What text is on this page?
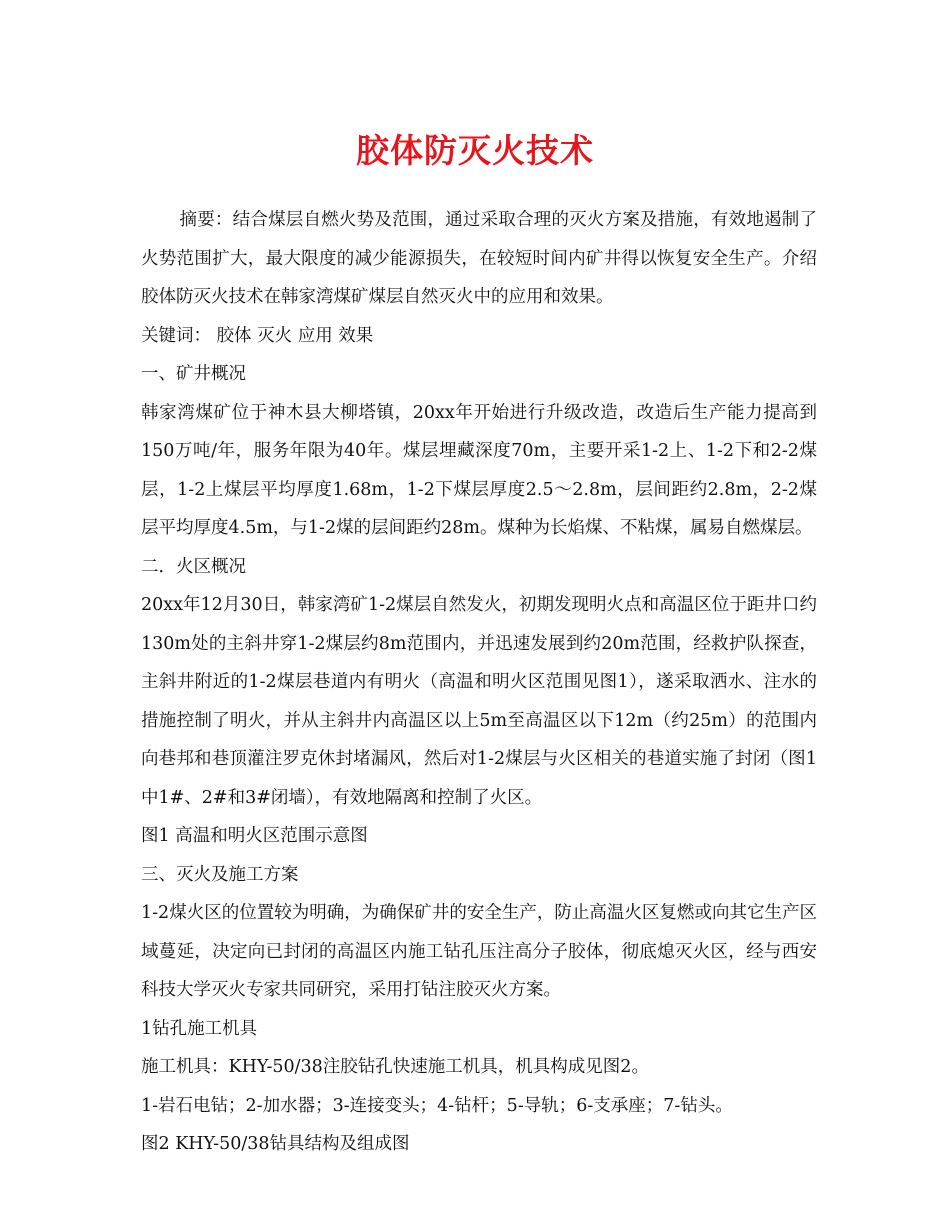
胶体防灭火技术

摘要：结合煤层自燃火势及范围，通过采取合理的灭火方案及措施，有效地遏制了火势范围扩大，最大限度的减少能源损失，在较短时间内矿井得以恢复安全生产。介绍胶体防灭火技术在韩家湾煤矿煤层自然灭火中的应用和效果。

关键词： 胶体 灭火 应用 效果

一、矿井概况

韩家湾煤矿位于神木县大柳塔镇，20xx年开始进行升级改造，改造后生产能力提高到150万吨/年，服务年限为40年。煤层埋藏深度70m，主要开采1-2上、1-2下和2-2煤层，1-2上煤层平均厚度1.68m，1-2下煤层厚度2.5～2.8m，层间距约2.8m，2-2煤层平均厚度4.5m，与1-2煤的层间距约28m。煤种为长焰煤、不粘煤，属易自燃煤层。

二．火区概况

20xx年12月30日，韩家湾矿1-2煤层自然发火，初期发现明火点和高温区位于距井口约130m处的主斜井穿1-2煤层约8m范围内，并迅速发展到约20m范围，经救护队探查，主斜井附近的1-2煤层巷道内有明火（高温和明火区范围见图1），遂采取洒水、注水的措施控制了明火，并从主斜井内高温区以上5m至高温区以下12m（约25m）的范围内向巷邦和巷顶灌注罗克休封堵漏风，然后对1-2煤层与火区相关的巷道实施了封闭（图1中1#、2#和3#闭墙），有效地隔离和控制了火区。

图1 高温和明火区范围示意图

三、灭火及施工方案

1-2煤火区的位置较为明确，为确保矿井的安全生产，防止高温火区复燃或向其它生产区域蔓延，决定向已封闭的高温区内施工钻孔压注高分子胶体，彻底熄灭火区，经与西安科技大学灭火专家共同研究，采用打钻注胶灭火方案。

1钻孔施工机具

施工机具：KHY-50/38注胶钻孔快速施工机具，机具构成见图2。

1-岩石电钻；2-加水器；3-连接变头；4-钻杆；5-导轨；6-支承座；7-钻头。

图2 KHY-50/38钻具结构及组成图
